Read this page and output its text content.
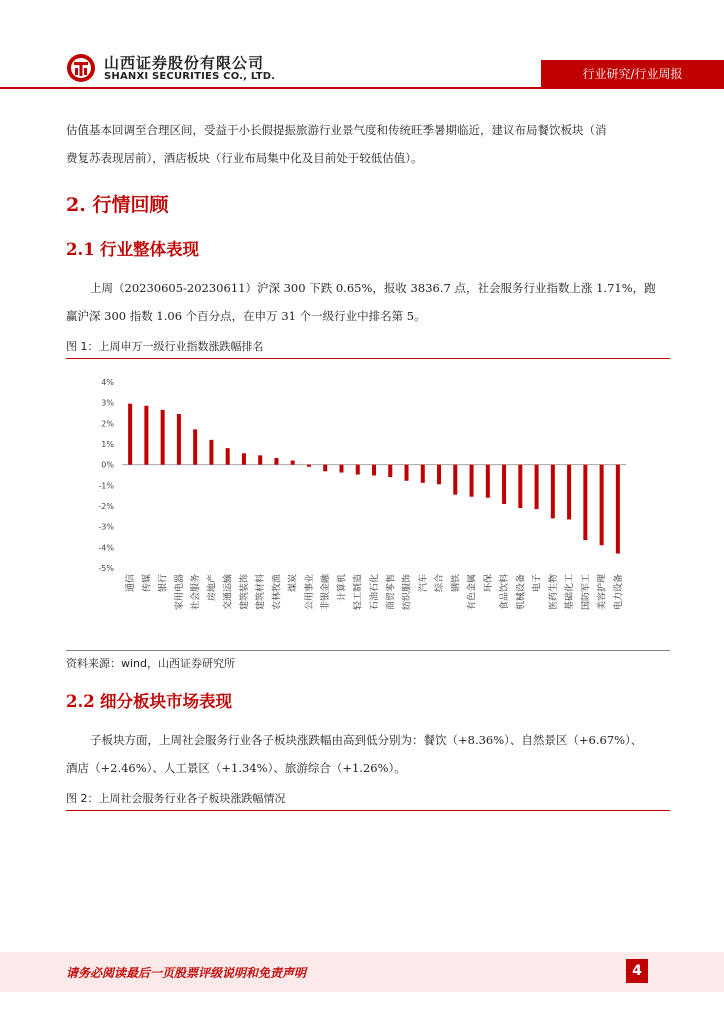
山西证券股份有限公司
SHANXI SECURITIES CO., LTD.	行业研究/行业周报
估值基本回调至合理区间，受益于小长假提振旅游行业景气度和传统旺季暑期临近，建议布局餐饮板块（消
费复苏表现居前），酒店板块（行业布局集中化及目前处于较低估值）。
2. 行情回顾
2.1 行业整体表现
上周（20230605-20230611）沪深 300 下跌 0.65%，报收 3836.7 点，社会服务行业指数上涨 1.71%，跑
赢沪深 300 指数 1.06 个百分点，在申万 31 个一级行业中排名第 5。
图 1：上周申万一级行业指数涨跌幅排名
4%
3%
2%
1%
0%
-1%
-2%
-3%
-4%
-5%
通信 传媒 银行 家用电器 社会服务 房地产 交通运输 建筑装饰 建筑材料 农林牧渔 煤炭 公用事业 非银金融 计算机 轻工制造 石油石化 商贸零售 纺织服饰 汽车 综合 钢铁 有色金属 环保 食品饮料 机械设备 电子 医药生物 基础化工 国防军工 美容护理 电力设备
资料来源：wind，山西证券研究所
2.2 细分板块市场表现
子板块方面，上周社会服务行业各子板块涨跌幅由高到低分别为：餐饮（+8.36%）、自然景区（+6.67%）、
酒店（+2.46%）、人工景区（+1.34%）、旅游综合（+1.26%）。
图 2：上周社会服务行业各子板块涨跌幅情况
请务必阅读最后一页股票评级说明和免责声明	4
